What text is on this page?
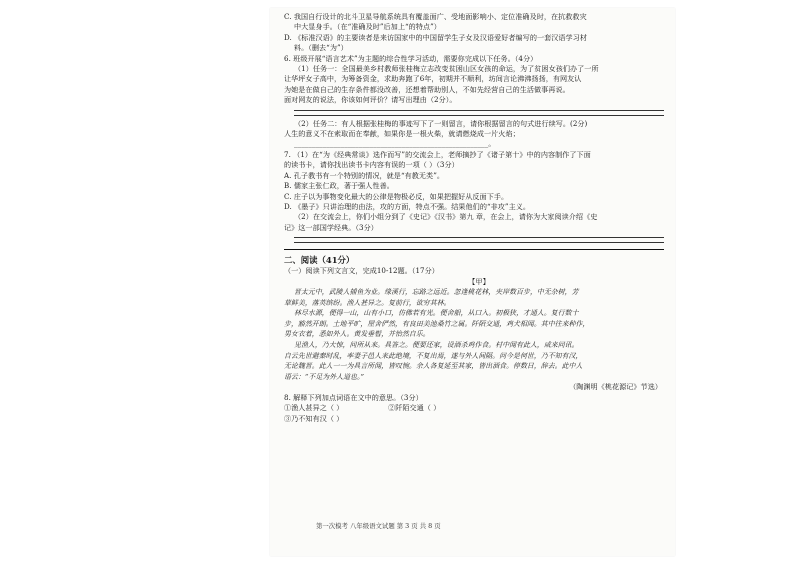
C. 我国自行设计的北斗卫星导航系统具有覆盖面广、受地面影响小、定位准确及时，在抗救救灾
中大显身手。（在“准确及时”后加上“的特点”）
D. 《标准汉语》的主要读者是来访国家中的中国留学生子女及汉语爱好者编写的一套汉语学习材
料。（删去“为”）
6. 班级开展“语言艺术”为主题的综合性学习活动，需要你完成以下任务。（4分）
（1）任务一：全国最美乡村教师张桂梅立志改变贫困山区女孩的命运，为了贫困女孩们办了一所
让华坪女子高中，为筹备资金，求助奔跑了6年，初期并不顺利，坊间言论沸沸扬扬，有网友认
为她是在做自己的生存条件都没改善，还想着帮助别人，不如先经营自己的生活做事再说。
面对网友的说法，你该如何评价？请写出理由（2分）。
（2）任务二：有人根据张桂梅的事迹写下了一则留言，请你根据留言的句式进行续写。(2分)
人生的意义不在索取而在奉献，如果你是一根火柴，就请燃烧成一片火焰；
______________________________________________________。
7. （1）在“为《经典常谈》选作而写”的交流会上，老师摘抄了《诸子第十》中的内容制作了下面
的读书卡，请你找出读书卡内容有误的一项（ ）（3分）
A. 孔子教书有一个特别的情况，就是“有教无类”。
B. 儒家主张仁政，著于强人性善。
C. 庄子以为事物变化最大的公律是物极必反，如果把握好从反面下手。
D. 《墨子》只讲治理的由法，攻的方面，特点不强。结果他们的“非攻”主义。
（2）在交流会上，你们小组分到了《史记》《汉书》第九 章，在会上，请你为大家阅读介绍《史
记》这一部国学经典。（3分）
二、阅读（41分）
（一）阅读下列文言文，完成10-12题。（17分）
【甲】
晋太元中，武陵人捕鱼为业。缘溪行，忘路之远近。忽逢桃花林，夹岸数百步，中无杂树，芳
草鲜美，落英缤纷。渔人甚异之。复前行，欲穷其林。
林尽水源，便得一山，山有小口，仿佛若有光。便舍船，从口入。初极狭，才通人。复行数十
步，豁然开朗。土地平旷，屋舍俨然，有良田美池桑竹之属。阡陌交通，鸡犬相闻。其中往来种作，
男女衣着，悉如外人。黄发垂髫，并怡然自乐。
见渔人，乃大惊，问所从来。具答之。便要还家，设酒杀鸡作食。村中闻有此人，咸来问讯。
自云先世避秦时乱，率妻子邑人来此绝境，不复出焉，遂与外人间隔。问今是何世，乃不知有汉，
无论魏晋。此人一一为具言所闻，皆叹惋。余人各复延至其家，皆出酒食。停数日，辞去。此中人
语云：“不足为外人道也。”
（陶渊明《桃花源记》节选）
8. 解释下列加点词语在文中的意思。（3分）
①渔人甚异之（ ）	②阡陌交通（ ）
③乃不知有汉（ ）
第一次模考 八年级语文试题 第 3 页 共 8 页
